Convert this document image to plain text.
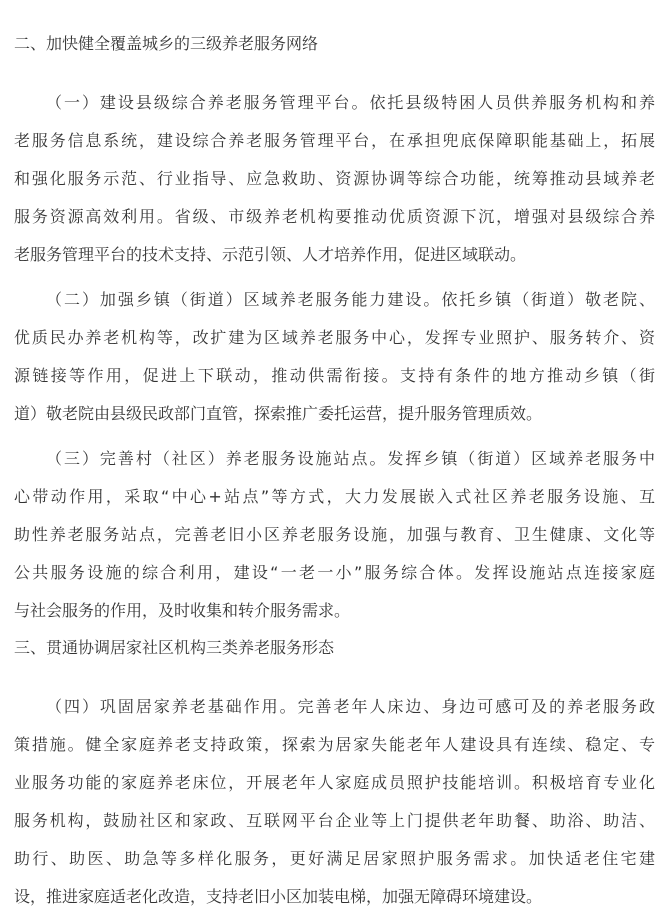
二、加快健全覆盖城乡的三级养老服务网络
（一）建设县级综合养老服务管理平台。依托县级特困人员供养服务机构和养
老服务信息系统，建设综合养老服务管理平台，在承担兜底保障职能基础上，拓展
和强化服务示范、行业指导、应急救助、资源协调等综合功能，统筹推动县域养老
服务资源高效利用。省级、市级养老机构要推动优质资源下沉，增强对县级综合养
老服务管理平台的技术支持、示范引领、人才培养作用，促进区域联动。
（二）加强乡镇（街道）区域养老服务能力建设。依托乡镇（街道）敬老院、
优质民办养老机构等，改扩建为区域养老服务中心，发挥专业照护、服务转介、资
源链接等作用，促进上下联动，推动供需衔接。支持有条件的地方推动乡镇（街
道）敬老院由县级民政部门直管，探索推广委托运营，提升服务管理质效。
（三）完善村（社区）养老服务设施站点。发挥乡镇（街道）区域养老服务中
心带动作用，采取“中心+站点”等方式，大力发展嵌入式社区养老服务设施、互
助性养老服务站点，完善老旧小区养老服务设施，加强与教育、卫生健康、文化等
公共服务设施的综合利用，建设“一老一小”服务综合体。发挥设施站点连接家庭
与社会服务的作用，及时收集和转介服务需求。
三、贯通协调居家社区机构三类养老服务形态
（四）巩固居家养老基础作用。完善老年人床边、身边可感可及的养老服务政
策措施。健全家庭养老支持政策，探索为居家失能老年人建设具有连续、稳定、专
业服务功能的家庭养老床位，开展老年人家庭成员照护技能培训。积极培育专业化
服务机构，鼓励社区和家政、互联网平台企业等上门提供老年助餐、助浴、助洁、
助行、助医、助急等多样化服务，更好满足居家照护服务需求。加快适老住宅建
设，推进家庭适老化改造，支持老旧小区加装电梯，加强无障碍环境建设。
